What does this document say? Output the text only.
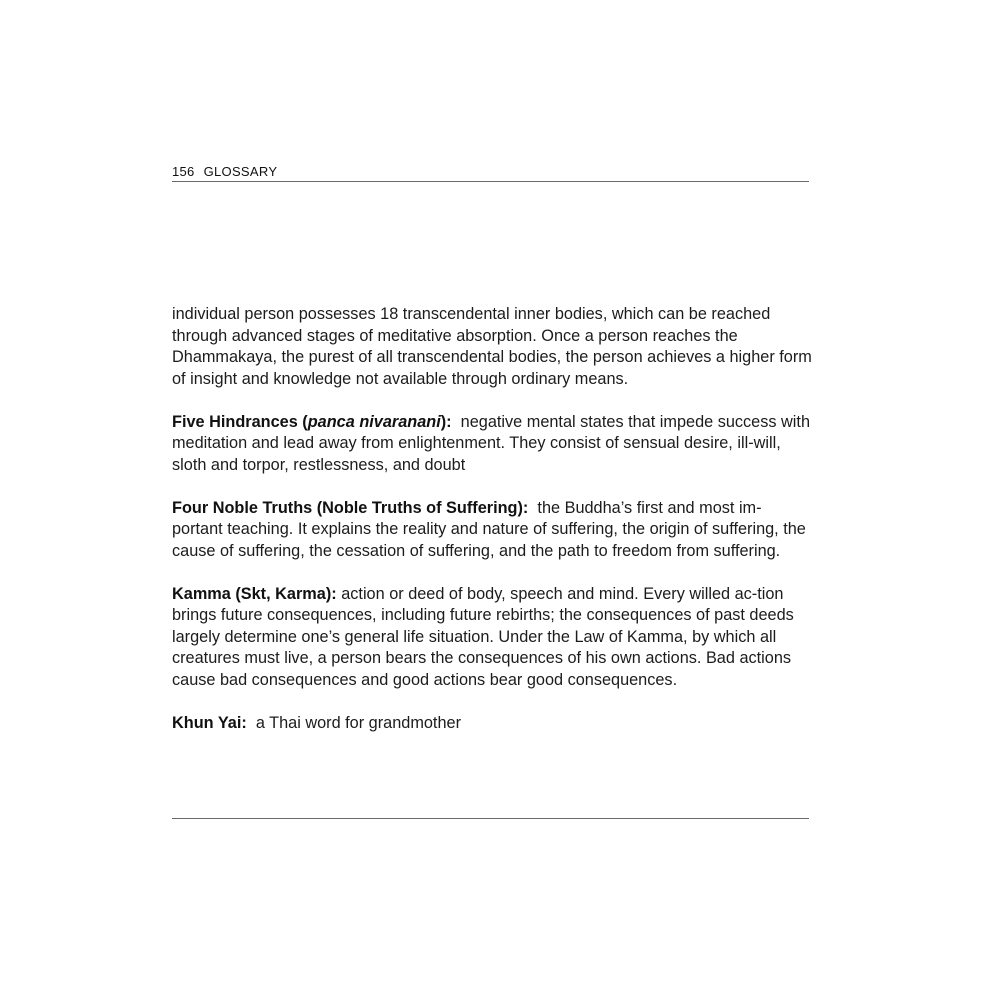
156 GLOSSARY

individual person possesses 18 transcendental inner bodies, which can be reached through advanced stages of meditative absorption. Once a person reaches the Dhammakaya, the purest of all transcendental bodies, the person achieves a higher form of insight and knowledge not available through ordinary means.

Five Hindrances (panca nivaranani): negative mental states that impede success with meditation and lead away from enlightenment. They consist of sensual desire, ill-will, sloth and torpor, restlessness, and doubt

Four Noble Truths (Noble Truths of Suffering): the Buddha’s first and most im-portant teaching. It explains the reality and nature of suffering, the origin of suffering, the cause of suffering, the cessation of suffering, and the path to freedom from suffering.

Kamma (Skt, Karma): action or deed of body, speech and mind. Every willed ac-tion brings future consequences, including future rebirths; the consequences of past deeds largely determine one’s general life situation. Under the Law of Kamma, by which all creatures must live, a person bears the consequences of his own actions. Bad actions cause bad consequences and good actions bear good consequences.

Khun Yai: a Thai word for grandmother
